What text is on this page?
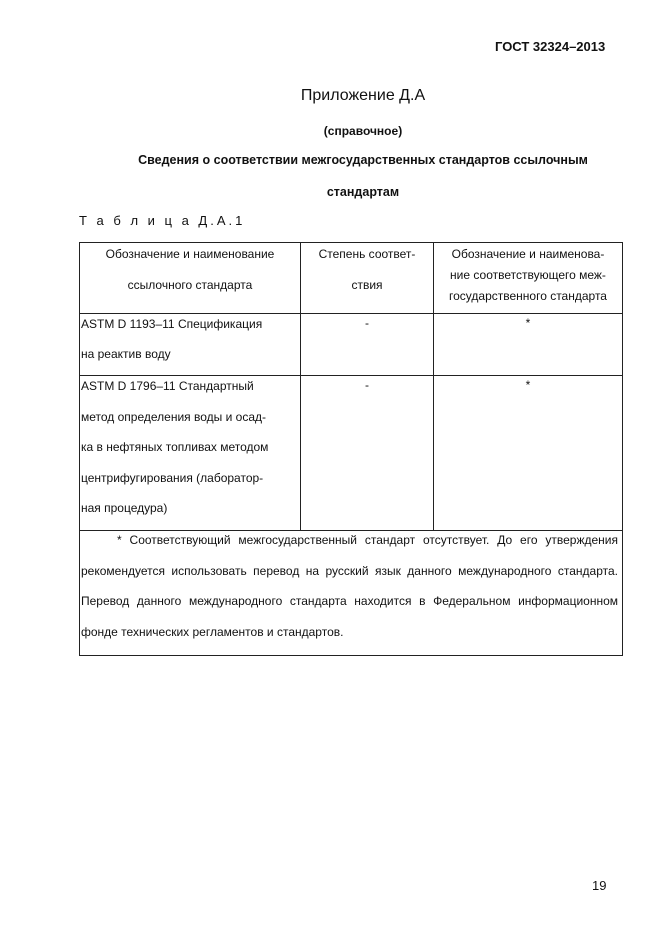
ГОСТ 32324–2013
Приложение Д.А
(справочное)
Сведения о соответствии межгосударственных стандартов ссылочным
стандартам
Т а б л и ц а Д.А.1
Обозначение и наименование
ссылочного стандарта
Степень соответ-
ствия
Обозначение и наименова-
ние соответствующего меж-
государственного стандарта
ASTM D 1193–11 Спецификация
на реактив воду
-	*
ASTM D 1796–11 Стандартный
метод определения воды и осад-
ка в нефтяных топливах методом
центрифугирования (лаборатор-
ная процедура)
-	*

* Соответствующий межгосударственный стандарт отсутствует. До его утверждения рекомендуется использовать перевод на русский язык данного международного стандарта. Перевод данного международного стандарта находится в Федеральном информационном фонде технических регламентов и стандартов.

19
